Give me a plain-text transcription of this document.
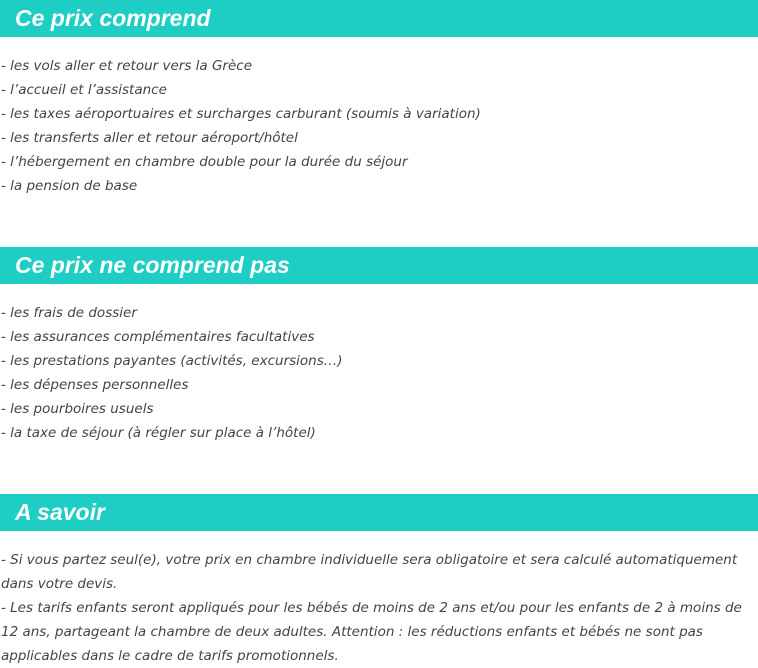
Ce prix comprend
- les vols aller et retour vers la Grèce
- l’accueil et l’assistance
- les taxes aéroportuaires et surcharges carburant (soumis à variation)
- les transferts aller et retour aéroport/hôtel
- l’hébergement en chambre double pour la durée du séjour
- la pension de base
Ce prix ne comprend pas
- les frais de dossier
- les assurances complémentaires facultatives
- les prestations payantes (activités, excursions…)
- les dépenses personnelles
- les pourboires usuels
- la taxe de séjour (à régler sur place à l’hôtel)
A savoir
- Si vous partez seul(e), votre prix en chambre individuelle sera obligatoire et sera calculé automatiquement dans votre devis.
- Les tarifs enfants seront appliqués pour les bébés de moins de 2 ans et/ou pour les enfants de 2 à moins de 12 ans, partageant la chambre de deux adultes. Attention : les réductions enfants et bébés ne sont pas applicables dans le cadre de tarifs promotionnels.
